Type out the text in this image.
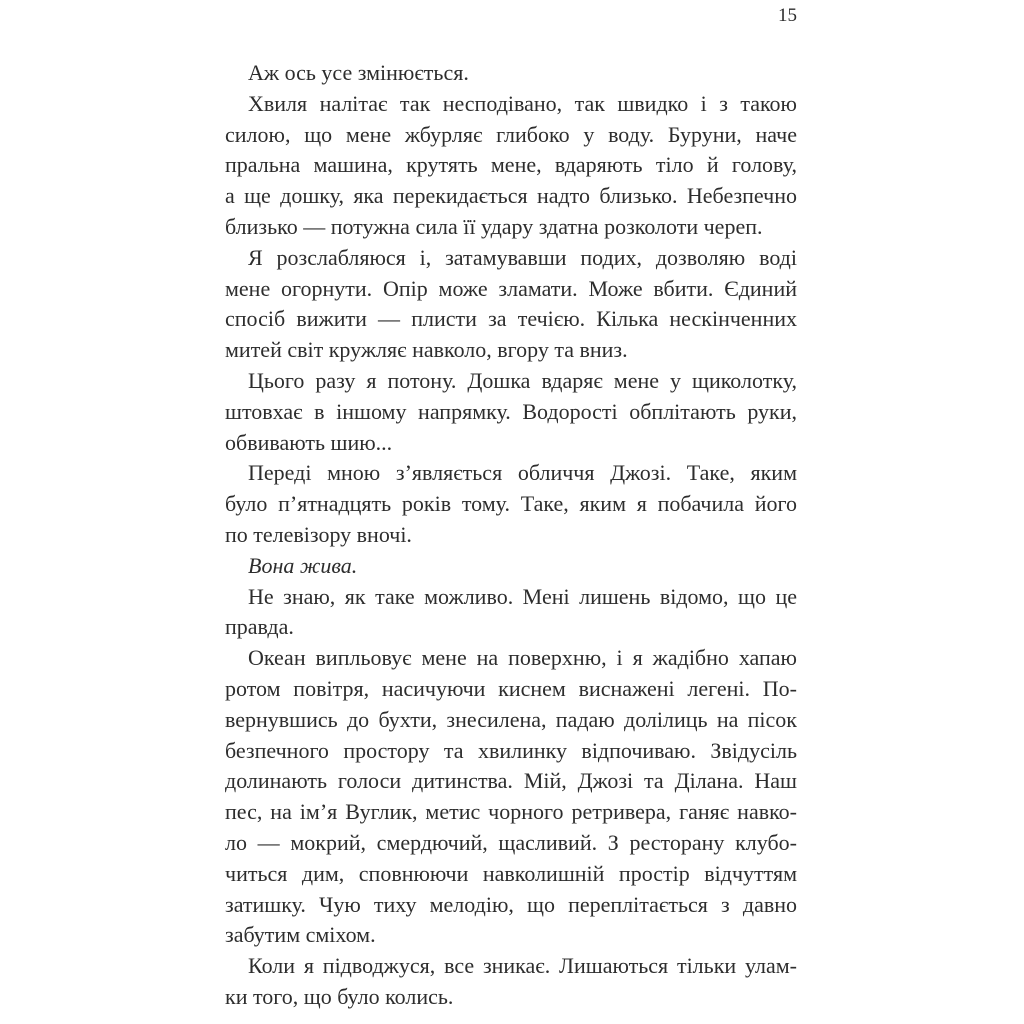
15
Аж ось усе змінюється.
Хвиля налітає так несподівано, так швидко і з такою
силою, що мене жбурляє глибоко у воду. Буруни, наче
пральна машина, крутять мене, вдаряють тіло й голову,
а ще дошку, яка перекидається надто близько. Небезпечно
близько — потужна сила її удару здатна розколоти череп.
Я розслабляюся і, затамувавши подих, дозволяю воді
мене огорнути. Опір може зламати. Може вбити. Єдиний
спосіб вижити — плисти за течією. Кілька нескінченних
митей світ кружляє навколо, вгору та вниз.
Цього разу я потону. Дошка вдаряє мене у щиколотку,
штовхає в іншому напрямку. Водорості обплітають руки,
обвивають шию...
Переді мною з’являється обличчя Джозі. Таке, яким
було п’ятнадцять років тому. Таке, яким я побачила його
по телевізору вночі.
Вона жива.
Не знаю, як таке можливо. Мені лишень відомо, що це
правда.
Океан випльовує мене на поверхню, і я жадібно хапаю
ротом повітря, насичуючи киснем виснажені легені. По-
вернувшись до бухти, знесилена, падаю долілиць на пісок
безпечного простору та хвилинку відпочиваю. Звідусіль
долинають голоси дитинства. Мій, Джозі та Ділана. Наш
пес, на ім’я Вуглик, метис чорного ретривера, ганяє навко-
ло — мокрий, смердючий, щасливий. З ресторану клубо-
читься дим, сповнюючи навколишній простір відчуттям
затишку. Чую тиху мелодію, що переплітається з давно
забутим сміхом.
Коли я підводжуся, все зникає. Лишаються тільки улам-
ки того, що було колись.
